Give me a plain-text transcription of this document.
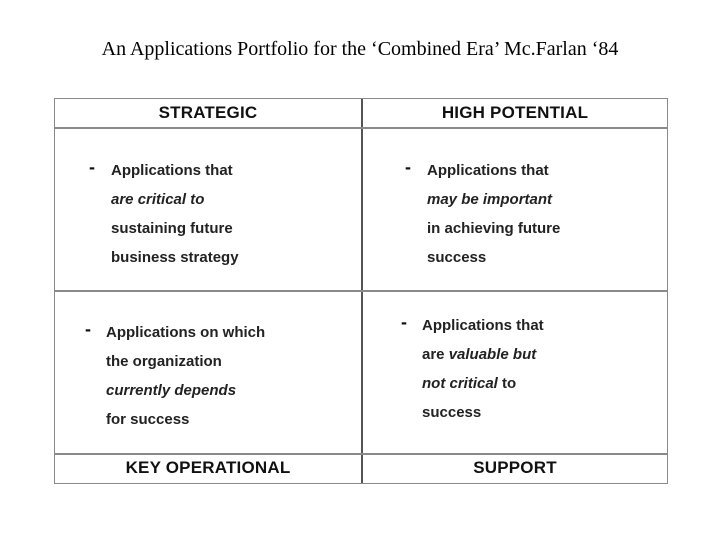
An Applications Portfolio for the ‘Combined Era’ Mc.Farlan ‘84
STRATEGIC	HIGH POTENTIAL
KEY OPERATIONAL	SUPPORT
- Applications that

are critical to

sustaining future

business strategy

- Applications that

may be important

in achieving future

success

- Applications on which

the organization

currently depends

for success

- Applications that

are valuable but

not critical to

success
